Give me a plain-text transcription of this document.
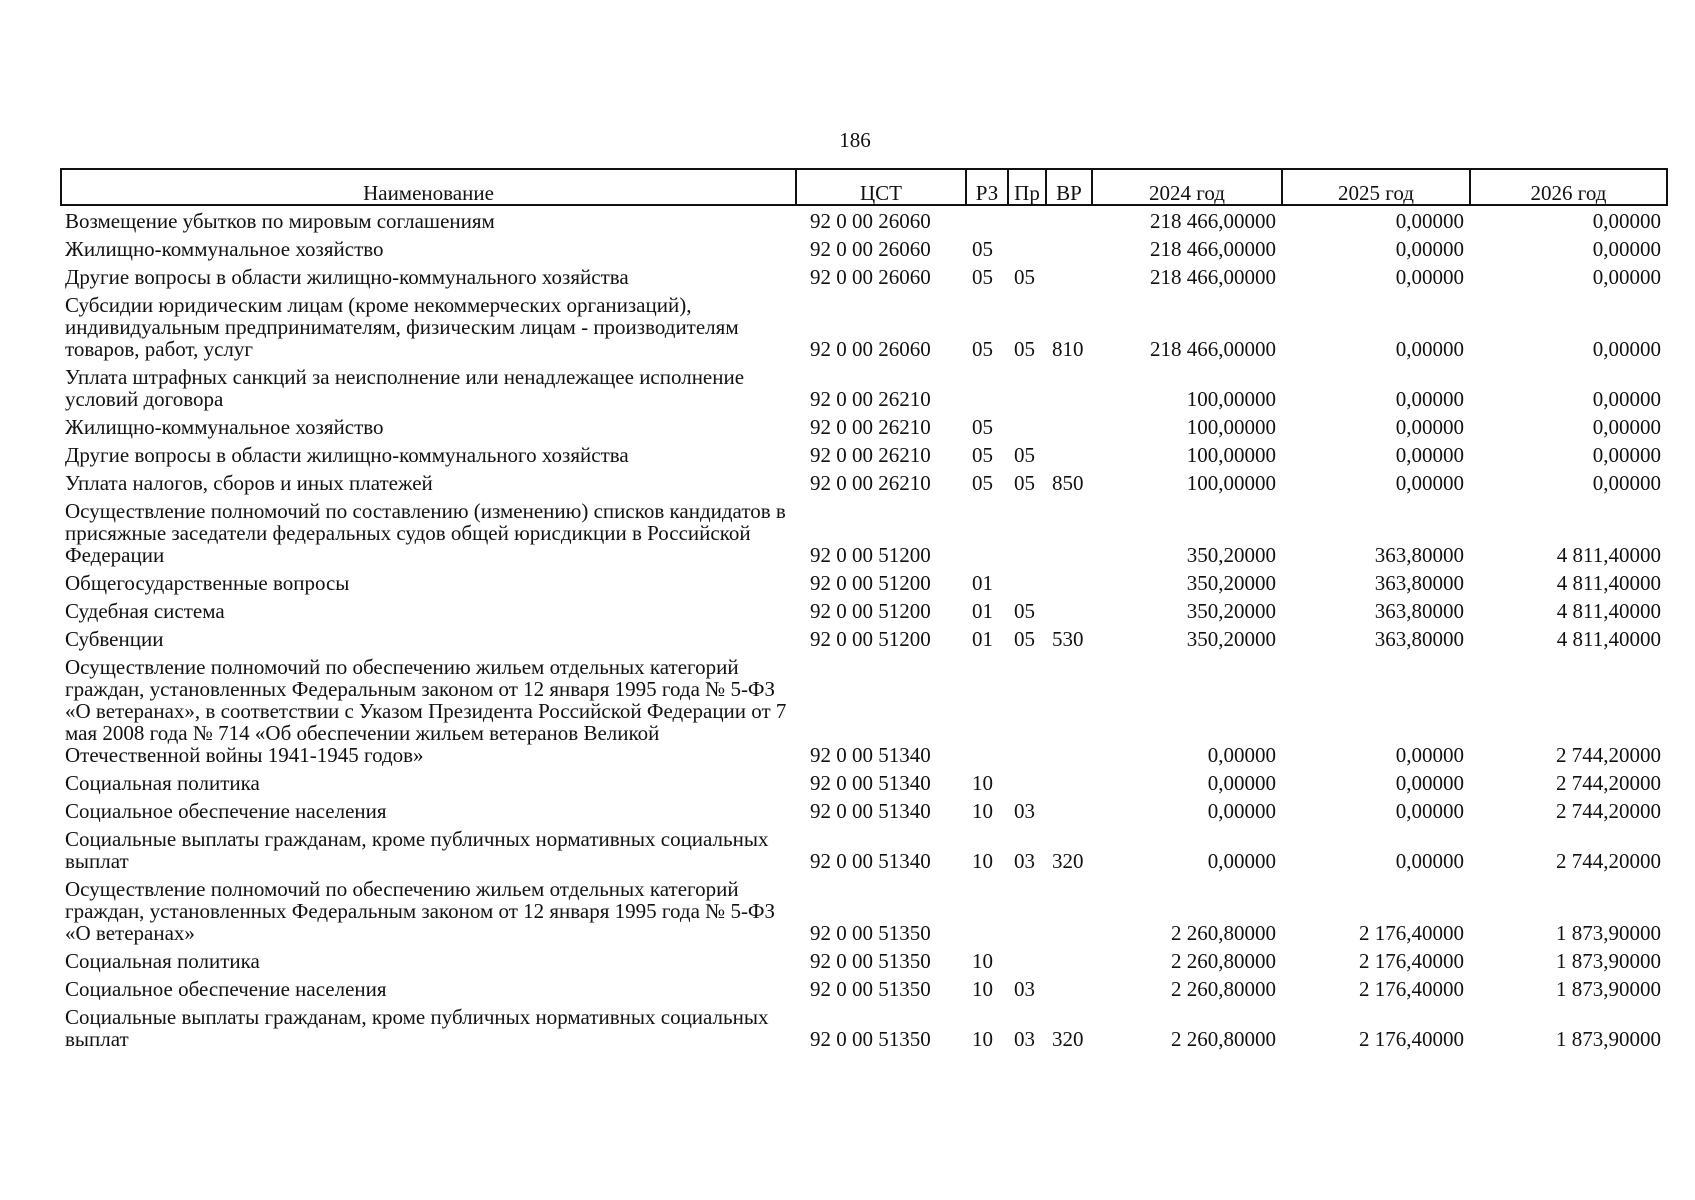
186
Наименование	ЦСТ	РЗ	Пр	ВР	2024 год	2025 год	2026 год
Возмещение убытков по мировым соглашениям	92 0 00 26060				218 466,00000	0,00000	0,00000
Жилищно-коммунальное хозяйство	92 0 00 26060	05			218 466,00000	0,00000	0,00000
Другие вопросы в области жилищно-коммунального хозяйства	92 0 00 26060	05	05		218 466,00000	0,00000	0,00000
Субсидии юридическим лицам (кроме некоммерческих организаций), индивидуальным предпринимателям, физическим лицам - производителям товаров, работ, услуг	92 0 00 26060	05	05	810	218 466,00000	0,00000	0,00000
Уплата штрафных санкций за неисполнение или ненадлежащее исполнение условий договора	92 0 00 26210				100,00000	0,00000	0,00000
Жилищно-коммунальное хозяйство	92 0 00 26210	05			100,00000	0,00000	0,00000
Другие вопросы в области жилищно-коммунального хозяйства	92 0 00 26210	05	05		100,00000	0,00000	0,00000
Уплата налогов, сборов и иных платежей	92 0 00 26210	05	05	850	100,00000	0,00000	0,00000
Осуществление полномочий по составлению (изменению) списков кандидатов в присяжные заседатели федеральных судов общей юрисдикции в Российской Федерации	92 0 00 51200				350,20000	363,80000	4 811,40000
Общегосударственные вопросы	92 0 00 51200	01			350,20000	363,80000	4 811,40000
Судебная система	92 0 00 51200	01	05		350,20000	363,80000	4 811,40000
Субвенции	92 0 00 51200	01	05	530	350,20000	363,80000	4 811,40000
Осуществление полномочий по обеспечению жильем отдельных категорий граждан, установленных Федеральным законом от 12 января 1995 года № 5-ФЗ «О ветеранах», в соответствии с Указом Президента Российской Федерации от 7 мая 2008 года № 714 «Об обеспечении жильем ветеранов Великой Отечественной войны 1941-1945 годов»	92 0 00 51340				0,00000	0,00000	2 744,20000
Социальная политика	92 0 00 51340	10			0,00000	0,00000	2 744,20000
Социальное обеспечение населения	92 0 00 51340	10	03		0,00000	0,00000	2 744,20000
Социальные выплаты гражданам, кроме публичных нормативных социальных выплат	92 0 00 51340	10	03	320	0,00000	0,00000	2 744,20000
Осуществление полномочий по обеспечению жильем отдельных категорий граждан, установленных Федеральным законом от 12 января 1995 года № 5-ФЗ «О ветеранах»	92 0 00 51350				2 260,80000	2 176,40000	1 873,90000
Социальная политика	92 0 00 51350	10			2 260,80000	2 176,40000	1 873,90000
Социальное обеспечение населения	92 0 00 51350	10	03		2 260,80000	2 176,40000	1 873,90000
Социальные выплаты гражданам, кроме публичных нормативных социальных выплат	92 0 00 51350	10	03	320	2 260,80000	2 176,40000	1 873,90000
